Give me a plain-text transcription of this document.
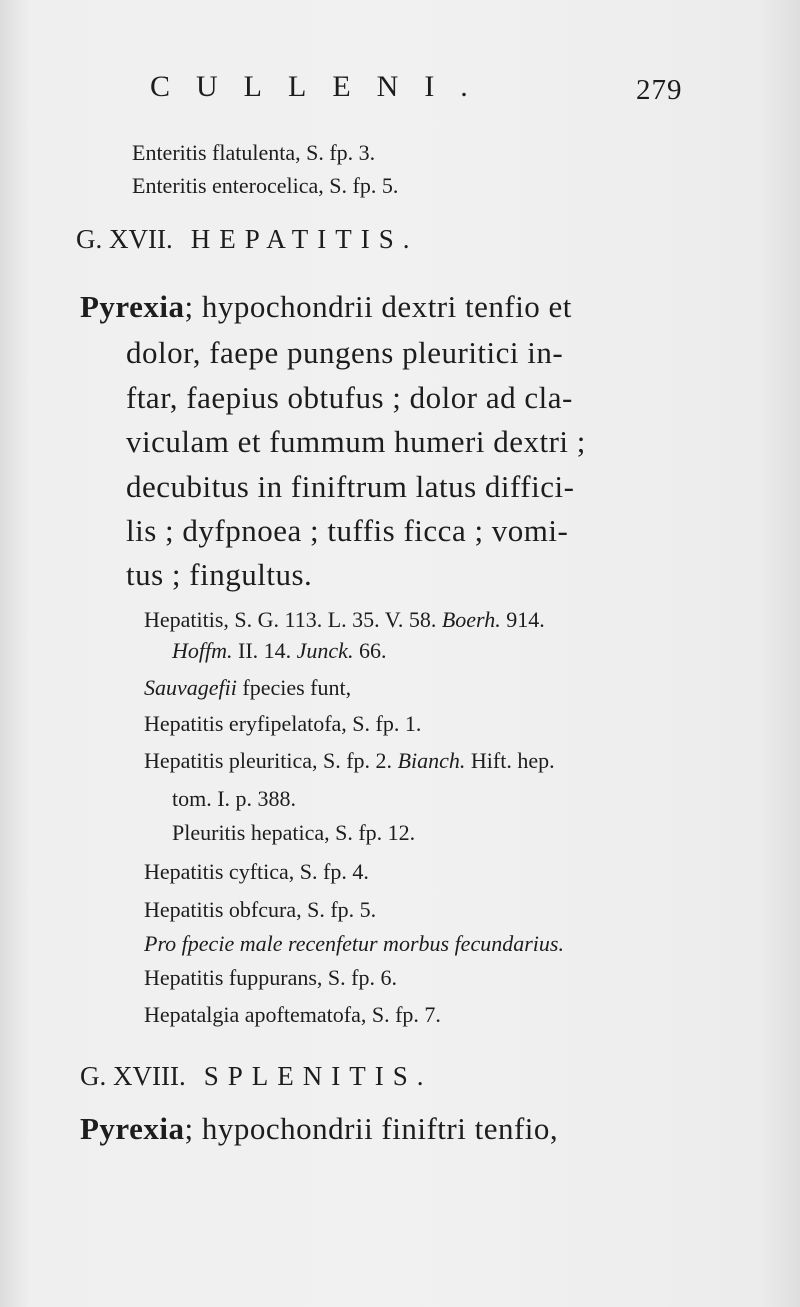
CULLENI.	279
Enteritis flatulenta, S. fp. 3.
Enteritis enterocelica, S. fp. 5.
G. XVII. HEPATITIS.
Pyrexia; hypochondrii dextri tenfio et
dolor, faepe pungens pleuritici in-
ftar, faepius obtufus ; dolor ad cla-
viculam et fummum humeri dextri ;
decubitus in finiftrum latus diffici-
lis ; dyfpnoea ; tuffis ficca ; vomi-
tus ; fingultus.
Hepatitis, S. G. 113. L. 35. V. 58. Boerh. 914.
Hoffm. II. 14. Junck. 66.
Sauvagefii fpecies funt,
Hepatitis eryfipelatofa, S. fp. 1.
Hepatitis pleuritica, S. fp. 2. Bianch. Hift. hep.
tom. I. p. 388.
Pleuritis hepatica, S. fp. 12.
Hepatitis cyftica, S. fp. 4.
Hepatitis obfcura, S. fp. 5.
Pro fpecie male recenfetur morbus fecundarius.
Hepatitis fuppurans, S. fp. 6.
Hepatalgia apoftematofa, S. fp. 7.
G. XVIII. SPLENITIS.
Pyrexia; hypochondrii finiftri tenfio,
